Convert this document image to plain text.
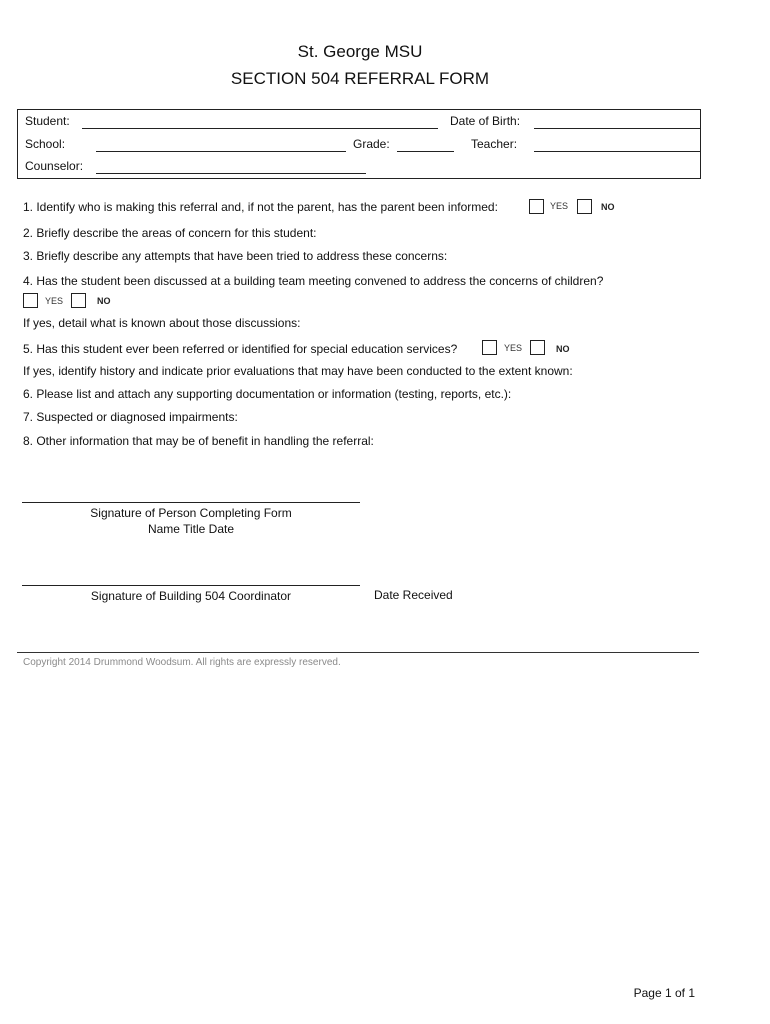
St. George MSU
SECTION 504 REFERRAL FORM
Student:	Date of Birth:
School:	Grade:	Teacher:
Counselor:
1. Identify who is making this referral and, if not the parent, has the parent been informed:	YES	NO
2. Briefly describe the areas of concern for this student:
3. Briefly describe any attempts that have been tried to address these concerns:
4. Has the student been discussed at a building team meeting convened to address the concerns of children?
YES	NO
If yes, detail what is known about those discussions:
5. Has this student ever been referred or identified for special education services?	YES	NO
If yes, identify history and indicate prior evaluations that may have been conducted to the extent known:
6. Please list and attach any supporting documentation or information (testing, reports, etc.):
7. Suspected or diagnosed impairments:
8. Other information that may be of benefit in handling the referral:
Signature of Person Completing Form
Name Title Date
Signature of Building 504 Coordinator	Date Received
Copyright 2014 Drummond Woodsum. All rights are expressly reserved.
Page 1 of 1
